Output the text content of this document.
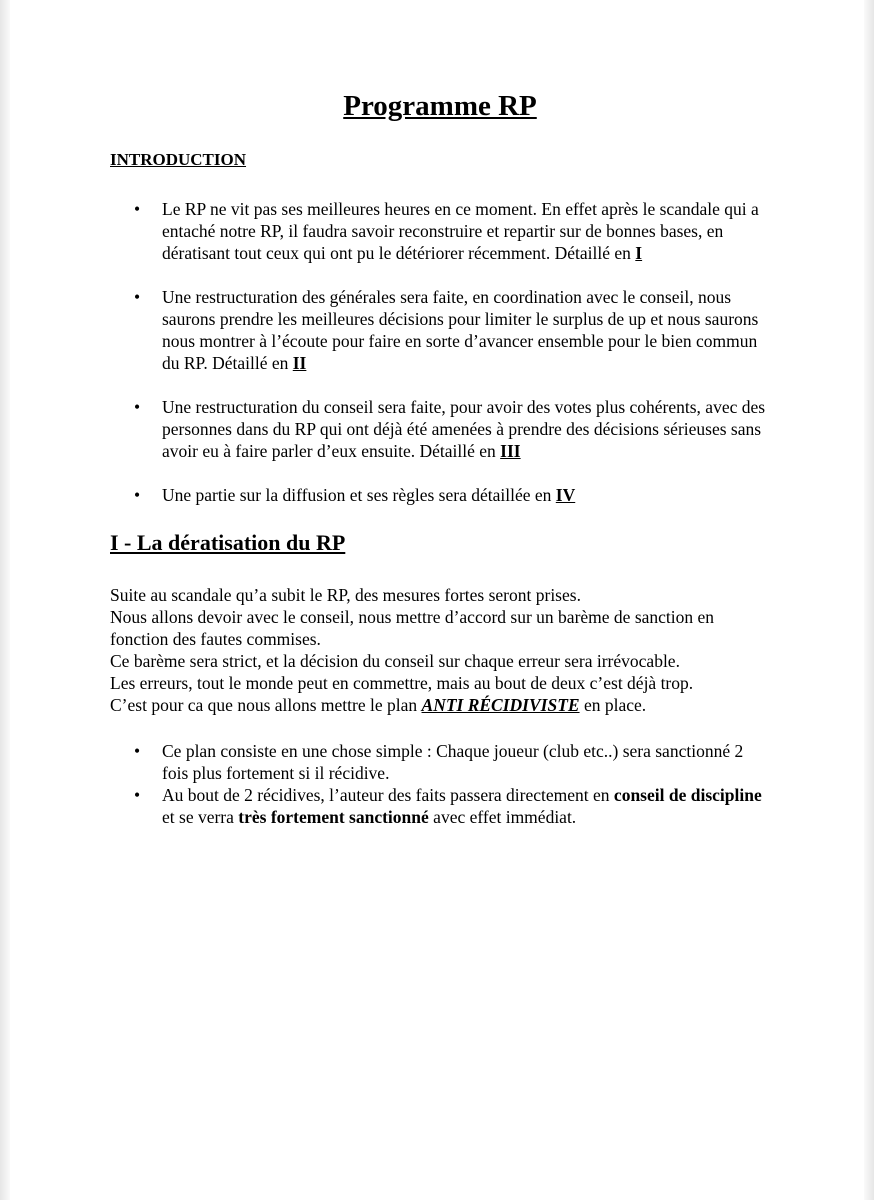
Programme RP
INTRODUCTION
• Le RP ne vit pas ses meilleures heures en ce moment. En effet après le scandale qui a entaché notre RP, il faudra savoir reconstruire et repartir sur de bonnes bases, en dératisant tout ceux qui ont pu le détériorer récemment. Détaillé en I
• Une restructuration des générales sera faite, en coordination avec le conseil, nous saurons prendre les meilleures décisions pour limiter le surplus de up et nous saurons nous montrer à l’écoute pour faire en sorte d’avancer ensemble pour le bien commun du RP. Détaillé en II
• Une restructuration du conseil sera faite, pour avoir des votes plus cohérents, avec des personnes dans du RP qui ont déjà été amenées à prendre des décisions sérieuses sans avoir eu à faire parler d’eux ensuite. Détaillé en III
• Une partie sur la diffusion et ses règles sera détaillée en IV
I - La dératisation du RP

Suite au scandale qu’a subit le RP, des mesures fortes seront prises.

Nous allons devoir avec le conseil, nous mettre d’accord sur un barème de sanction en fonction des fautes commises.

Ce barème sera strict, et la décision du conseil sur chaque erreur sera irrévocable.

Les erreurs, tout le monde peut en commettre, mais au bout de deux c’est déjà trop.

C’est pour ca que nous allons mettre le plan ANTI RÉCIDIVISTE en place.

• Ce plan consiste en une chose simple : Chaque joueur (club etc..) sera sanctionné 2 fois plus fortement si il récidive.
• Au bout de 2 récidives, l’auteur des faits passera directement en conseil de discipline et se verra très fortement sanctionné avec effet immédiat.
